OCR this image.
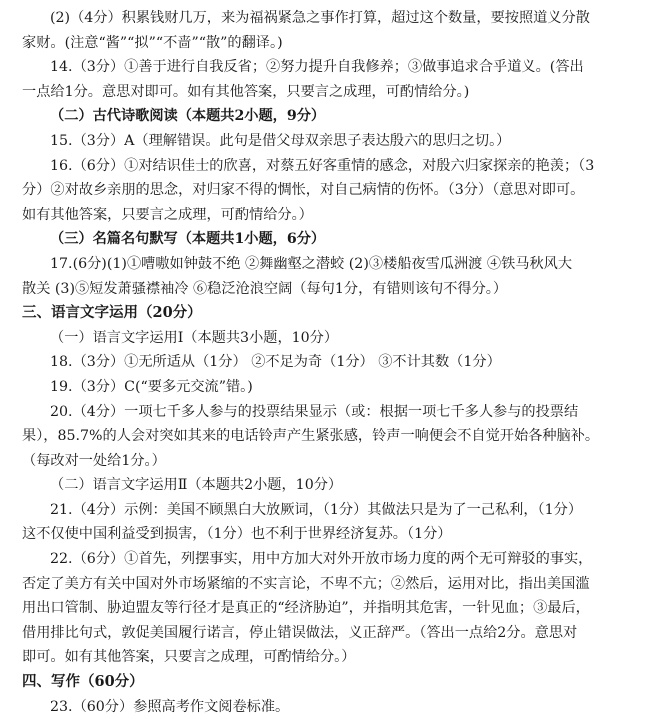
(2)（4分）积累钱财几万，来为福祸紧急之事作打算，超过这个数量，要按照道义分散
家财。(注意“酱”“拟”“不啬”“散”的翻译。)
14.（3分）①善于进行自我反省；②努力提升自我修养；③做事追求合乎道义。(答出
一点给1分。意思对即可。如有其他答案，只要言之成理，可酌情给分。)
（二）古代诗歌阅读（本题共2小题，9分）
15.（3分）A（理解错误。此句是借父母双亲思子表达殷六的思归之切。）
16.（6分）①对结识佳士的欣喜，对蔡五好客重情的感念，对殷六归家探亲的艳羡；（3
分）②对故乡亲朋的思念，对归家不得的惆怅，对自己病情的伤怀。（3分）（意思对即可。
如有其他答案，只要言之成理，可酌情给分。）
（三）名篇名句默写（本题共1小题，6分）
17.(6分)(1)①嘈嗷如钟鼓不绝 ②舞幽壑之潜蛟 (2)③楼船夜雪瓜洲渡 ④铁马秋风大
散关 (3)⑤短发萧骚襟袖冷 ⑥稳泛沧浪空阔（每句1分，有错则该句不得分。）
三、语言文字运用（20分）
（一）语言文字运用Ⅰ（本题共3小题，10分）
18.（3分）①无所适从（1分） ②不足为奇（1分） ③不计其数（1分）
19.（3分）C(“要多元交流”错。)
20.（4分）一项七千多人参与的投票结果显示（或：根据一项七千多人参与的投票结
果），85.7%的人会对突如其来的电话铃声产生紧张感，铃声一响便会不自觉开始各种脑补。
（每改对一处给1分。）
（二）语言文字运用Ⅱ（本题共2小题，10分）
21.（4分）示例：美国不顾黑白大放厥词，（1分）其做法只是为了一己私利，（1分）
这不仅使中国利益受到损害，（1分）也不利于世界经济复苏。（1分）
22.（6分）①首先，列摆事实，用中方加大对外开放市场力度的两个无可辩驳的事实，
否定了美方有关中国对外市场紧缩的不实言论，不卑不亢；②然后，运用对比，指出美国滥
用出口管制、胁迫盟友等行径才是真正的“经济胁迫”，并指明其危害，一针见血；③最后，
借用排比句式，敦促美国履行诺言，停止错误做法，义正辞严。（答出一点给2分。意思对
即可。如有其他答案，只要言之成理，可酌情给分。）
四、写作（60分）
23.（60分）参照高考作文阅卷标准。
